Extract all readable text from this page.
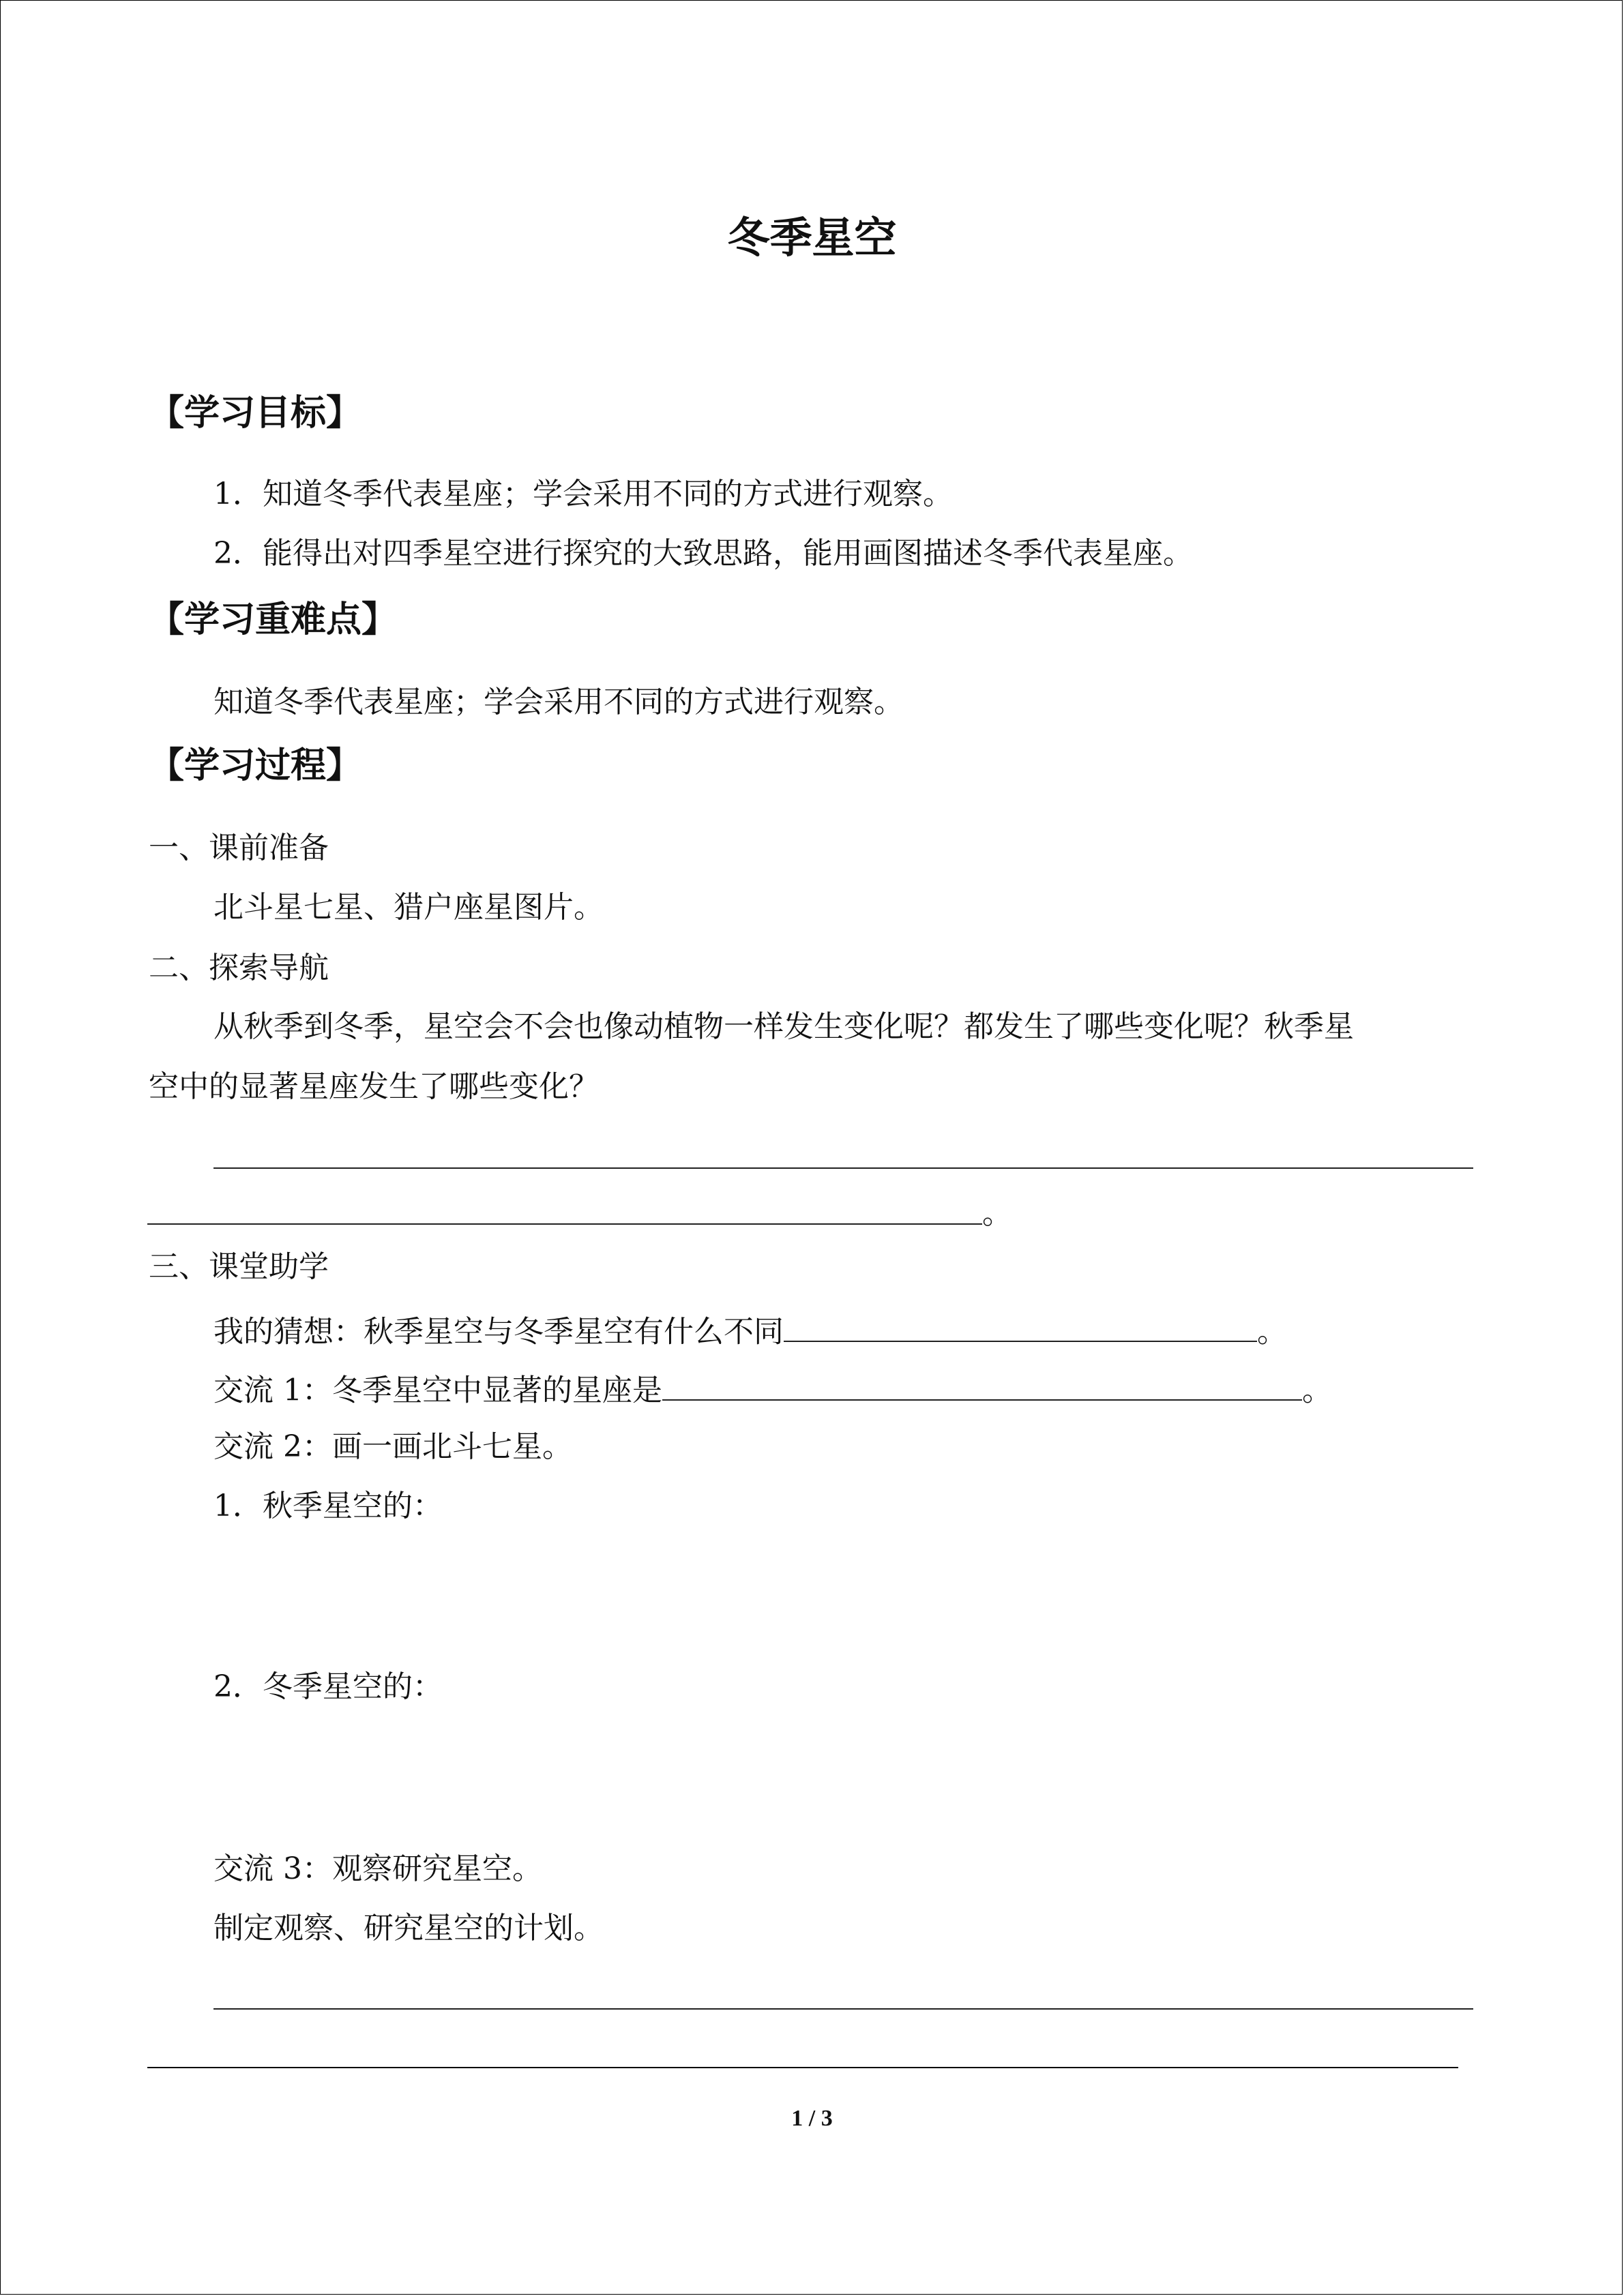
冬季星空
【学习目标】
1．知道冬季代表星座；学会采用不同的方式进行观察。
2．能得出对四季星空进行探究的大致思路，能用画图描述冬季代表星座。
【学习重难点】
知道冬季代表星座；学会采用不同的方式进行观察。
【学习过程】
一、课前准备
北斗星七星、猎户座星图片。
二、探索导航
从秋季到冬季，星空会不会也像动植物一样发生变化呢？都发生了哪些变化呢？秋季星
空中的显著星座发生了哪些变化？
。
三、课堂助学
我的猜想：秋季星空与冬季星空有什么不同	。
交流 1：冬季星空中显著的星座是	。
交流 2：画一画北斗七星。
1．秋季星空的：
2．冬季星空的：
交流 3：观察研究星空。
制定观察、研究星空的计划。
1 / 3
